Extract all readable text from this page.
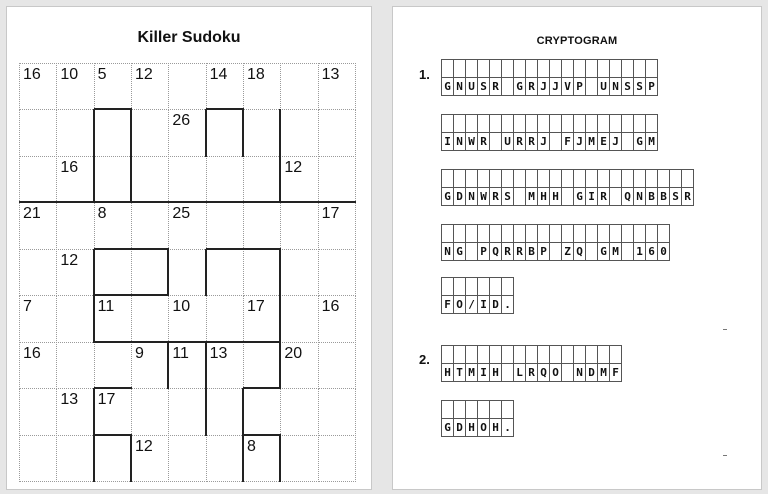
Killer Sudoku
16 10 5 12	14 18	13
26
16	12
21	8	25	17
12
7	11	10	17	16
16	9 11 13	20
13 17
12	8
CRYPTOGRAM
1.
G N U S R G R J J V P U N S S P
I N W R U R R J F J M E J G M
G D N W R S M H H G I R Q N B B S R
N G P Q R R B P Z Q G M 1 6 0
F O / I D .
2.
H T M I H L R Q O N D M F
G D H O H .
